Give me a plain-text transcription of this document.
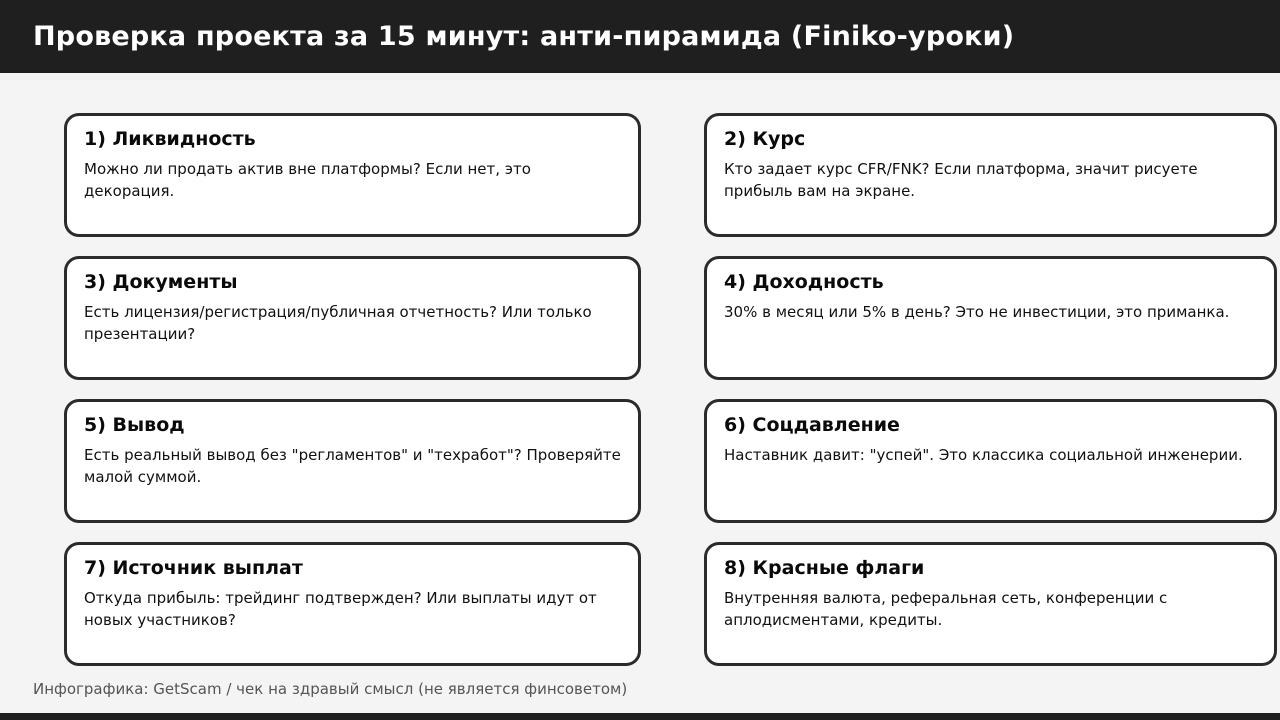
Проверка проекта за 15 минут: анти-пирамида (Finiko-уроки)
1) Ликвидность

Можно ли продать актив вне платформы? Если нет, это декорация.

2) Курс

Кто задает курс CFR/FNK? Если платформа, значит рисуете прибыль вам на экране.

3) Документы

Есть лицензия/регистрация/публичная отчетность? Или только презентации?

4) Доходность

30% в месяц или 5% в день? Это не инвестиции, это приманка.

5) Вывод

Есть реальный вывод без "регламентов" и "техработ"? Проверяйте малой суммой.

6) Соцдавление

Наставник давит: "успей". Это классика социальной инженерии.

7) Источник выплат

Откуда прибыль: трейдинг подтвержден? Или выплаты идут от новых участников?

8) Красные флаги

Внутренняя валюта, реферальная сеть, конференции с аплодисментами, кредиты.

Инфографика: GetScam / чек на здравый смысл (не является финсоветом)
